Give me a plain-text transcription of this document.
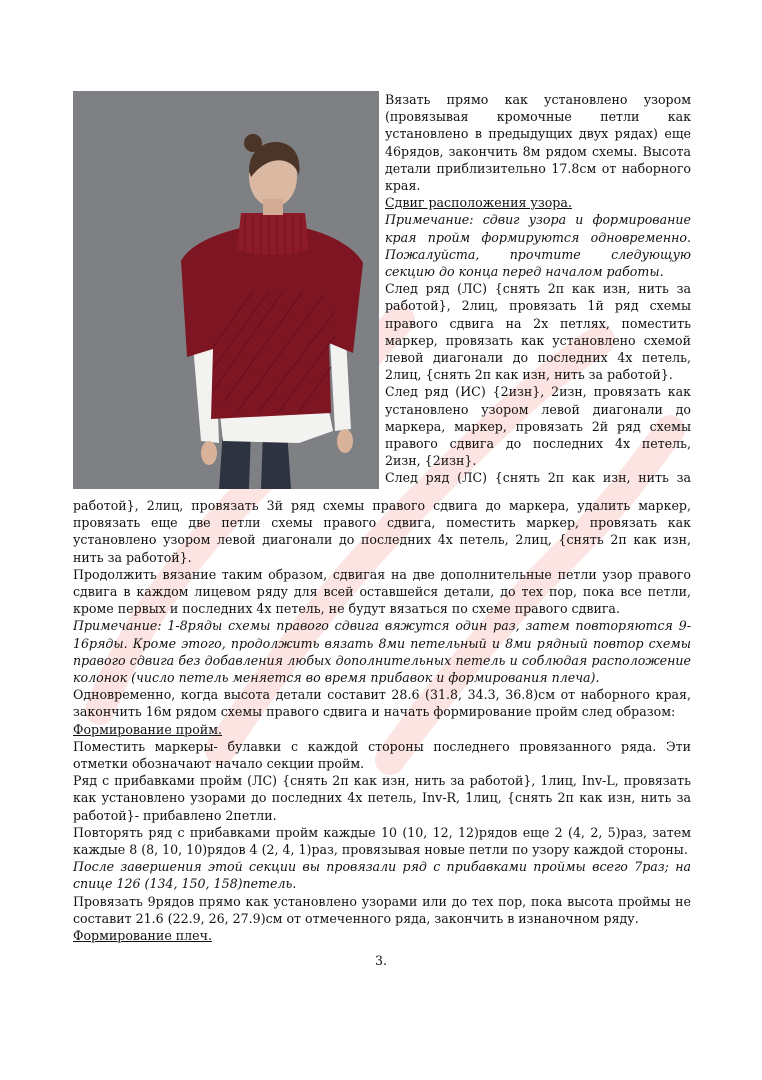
Вязать прямо как установлено узором (провязывая кромочные петли как установлено в предыдущих двух рядах) еще 46рядов, закончить 8м рядом схемы. Высота детали приблизительно 17.8см от наборного края.

Сдвиг расположения узора.

Примечание: сдвиг узора и формирование края пройм формируются одновременно. Пожалуйста, прочтите следующую секцию до конца перед началом работы.

След ряд (ЛС) {снять 2п как изн, нить за работой}, 2лиц, провязать 1й ряд схемы правого сдвига на 2х петлях, поместить маркер, провязать как установлено схемой левой диагонали до последних 4х петель, 2лиц, {снять 2п как изн, нить за работой}.

След ряд (ИС) {2изн}, 2изн, провязать как установлено узором левой диагонали до маркера, маркер, провязать 2й ряд схемы правого сдвига до последних 4х петель, 2изн, {2изн}.

След ряд (ЛС) {снять 2п как изн, нить за

работой}, 2лиц, провязать 3й ряд схемы правого сдвига до маркера, удалить маркер, провязать еще две петли схемы правого сдвига, поместить маркер, провязать как установлено узором левой диагонали до последних 4х петель, 2лиц, {снять 2п как изн, нить за работой}.

Продолжить вязание таким образом, сдвигая на две дополнительные петли узор правого сдвига в каждом лицевом ряду для всей оставшейся детали, до тех пор, пока все петли, кроме первых и последних 4х петель, не будут вязаться по схеме правого сдвига.

Примечание: 1-8ряды схемы правого сдвига вяжутся один раз, затем повторяются 9-16ряды. Кроме этого, продолжить вязать 8ми петельный и 8ми рядный повтор схемы правого сдвига без добавления любых дополнительных петель и соблюдая расположение колонок (число петель меняется во время прибавок и формирования плеча).

Одновременно, когда высота детали составит 28.6 (31.8, 34.3, 36.8)см от наборного края, закончить 16м рядом схемы правого сдвига и начать формирование пройм след образом:

Формирование пройм.

Поместить маркеры- булавки с каждой стороны последнего провязанного ряда. Эти отметки обозначают начало секции пройм.

Ряд с прибавками пройм (ЛС) {снять 2п как изн, нить за работой}, 1лиц, Inv-L, провязать как установлено узорами до последних 4х петель, Inv-R, 1лиц, {снять 2п как изн, нить за работой}- прибавлено 2петли.

Повторять ряд с прибавками пройм каждые 10 (10, 12, 12)рядов еще 2 (4, 2, 5)раз, затем каждые 8 (8, 10, 10)рядов 4 (2, 4, 1)раз, провязывая новые петли по узору каждой стороны.

После завершения этой секции вы провязали ряд с прибавками проймы всего 7раз; на спице 126 (134, 150, 158)петель.

Провязать 9рядов прямо как установлено узорами или до тех пор, пока высота проймы не составит 21.6 (22.9, 26, 27.9)см от отмеченного ряда, закончить в изнаночном ряду.

Формирование плеч.

3.
